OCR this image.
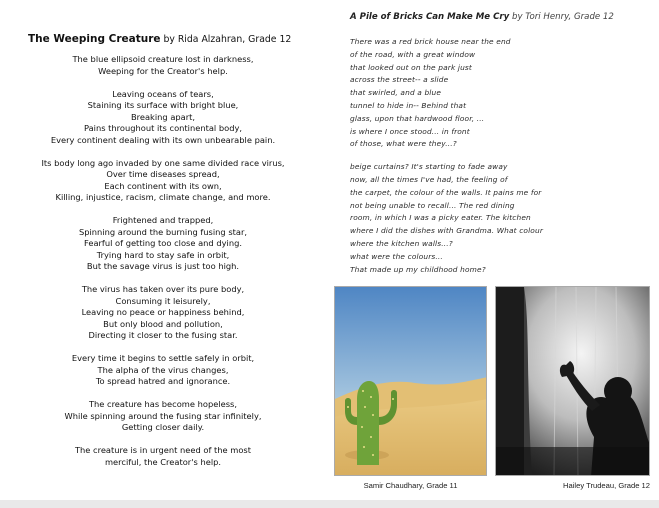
The Weeping Creature by Rida Alzahran, Grade 12
The blue ellipsoid creature lost in darkness,
Weeping for the Creator's help.
Leaving oceans of tears,
Staining its surface with bright blue,
Breaking apart,
Pains throughout its continental body,
Every continent dealing with its own unbearable pain.
Its body long ago invaded by one same divided race virus,
Over time diseases spread,
Each continent with its own,
Killing, injustice, racism, climate change, and more.
Frightened and trapped,
Spinning around the burning fusing star,
Fearful of getting too close and dying.
Trying hard to stay safe in orbit,
But the savage virus is just too high.
The virus has taken over its pure body,
Consuming it leisurely,
Leaving no peace or happiness behind,
But only blood and pollution,
Directing it closer to the fusing star.
Every time it begins to settle safely in orbit,
The alpha of the virus changes,
To spread hatred and ignorance.
The creature has become hopeless,
While spinning around the fusing star infinitely,
Getting closer daily.
The creature is in urgent need of the most
merciful, the Creator's help.
A Pile of Bricks Can Make Me Cry by Tori Henry, Grade 12
There was a red brick house near the end
of the road, with a great window
that looked out on the park just
across the street-- a slide
that swirled, and a blue
tunnel to hide in-- Behind that
glass, upon that hardwood floor, ...
is where I once stood... in front
of those, what were they...?
beige curtains? It's starting to fade away
now, all the times I've had, the feeling of
the carpet, the colour of the walls. It pains me for
not being unable to recall... The red dining
room, in which I was a picky eater. The kitchen
where I did the dishes with Grandma. What colour
where the kitchen walls...?
what were the colours...
That made up my childhood home?
Samir Chaudhary, Grade 11	Hailey Trudeau, Grade 12
